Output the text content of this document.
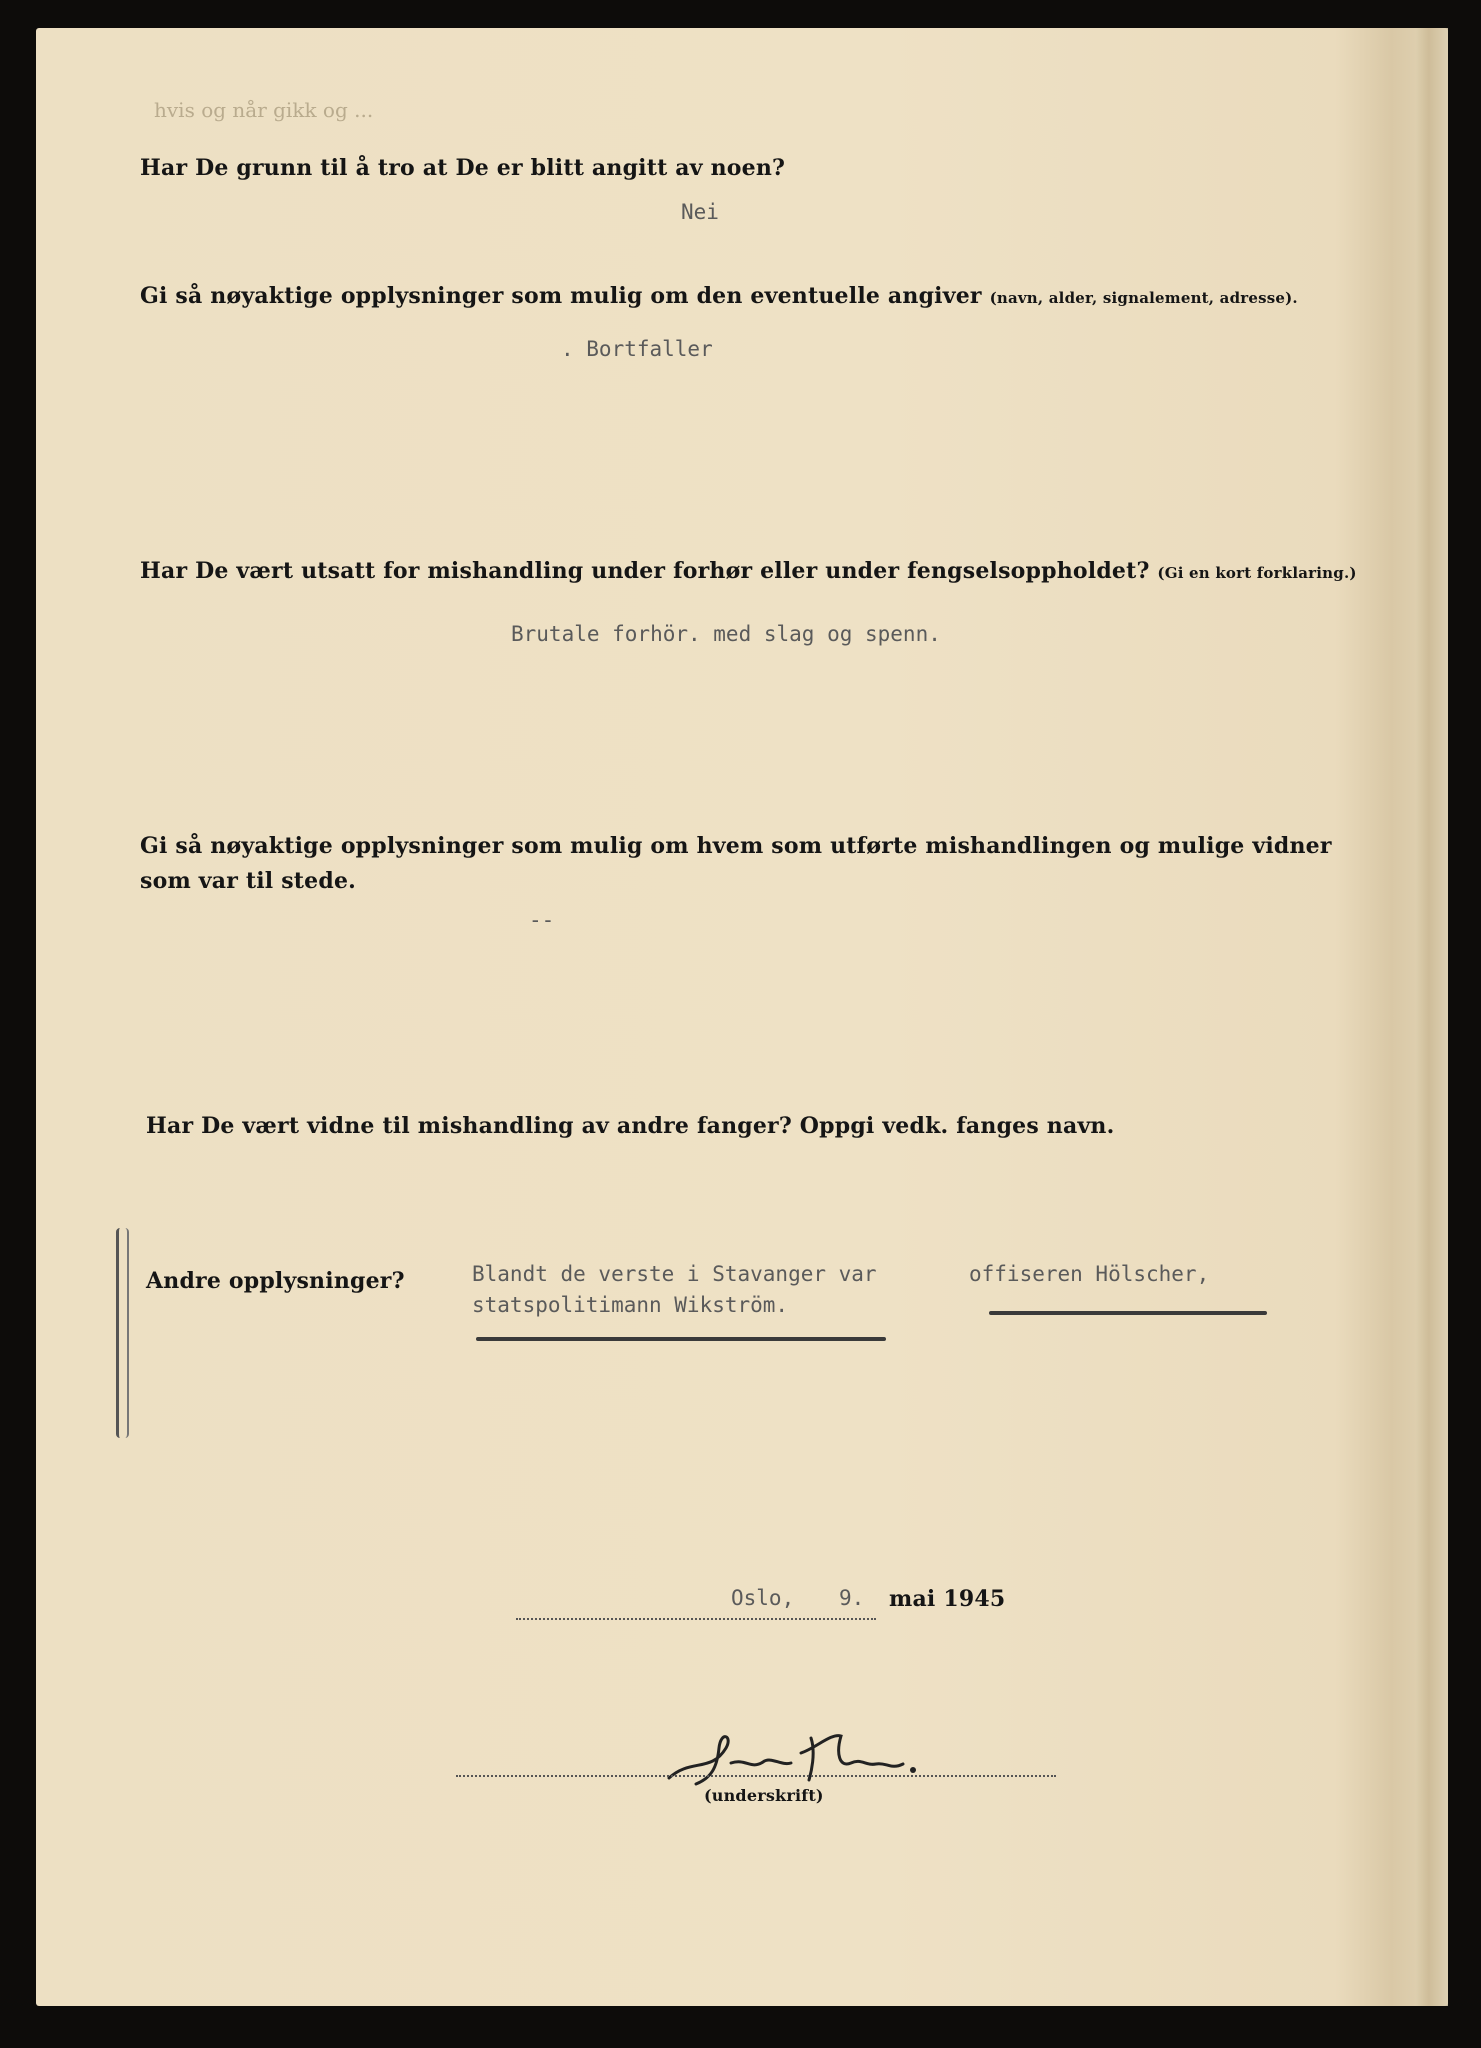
hvis og når gikk og ...
Har De grunn til å tro at De er blitt angitt av noen?
Nei
Gi så nøyaktige opplysninger som mulig om den eventuelle angiver (navn, alder, signalement, adresse).
. Bortfaller
Har De vært utsatt for mishandling under forhør eller under fengselsoppholdet? (Gi en kort forklaring.)
Brutale forhör. med slag og spenn.
Gi så nøyaktige opplysninger som mulig om hvem som utførte mishandlingen og mulige vidner
som var til stede.
--
Har De vært vidne til mishandling av andre fanger? Oppgi vedk. fanges navn.
Andre opplysninger?	Blandt de verste i Stavanger var	offiseren Hölscher,
statspolitimann Wikström.
Oslo, 9. mai 1945
(underskrift)
